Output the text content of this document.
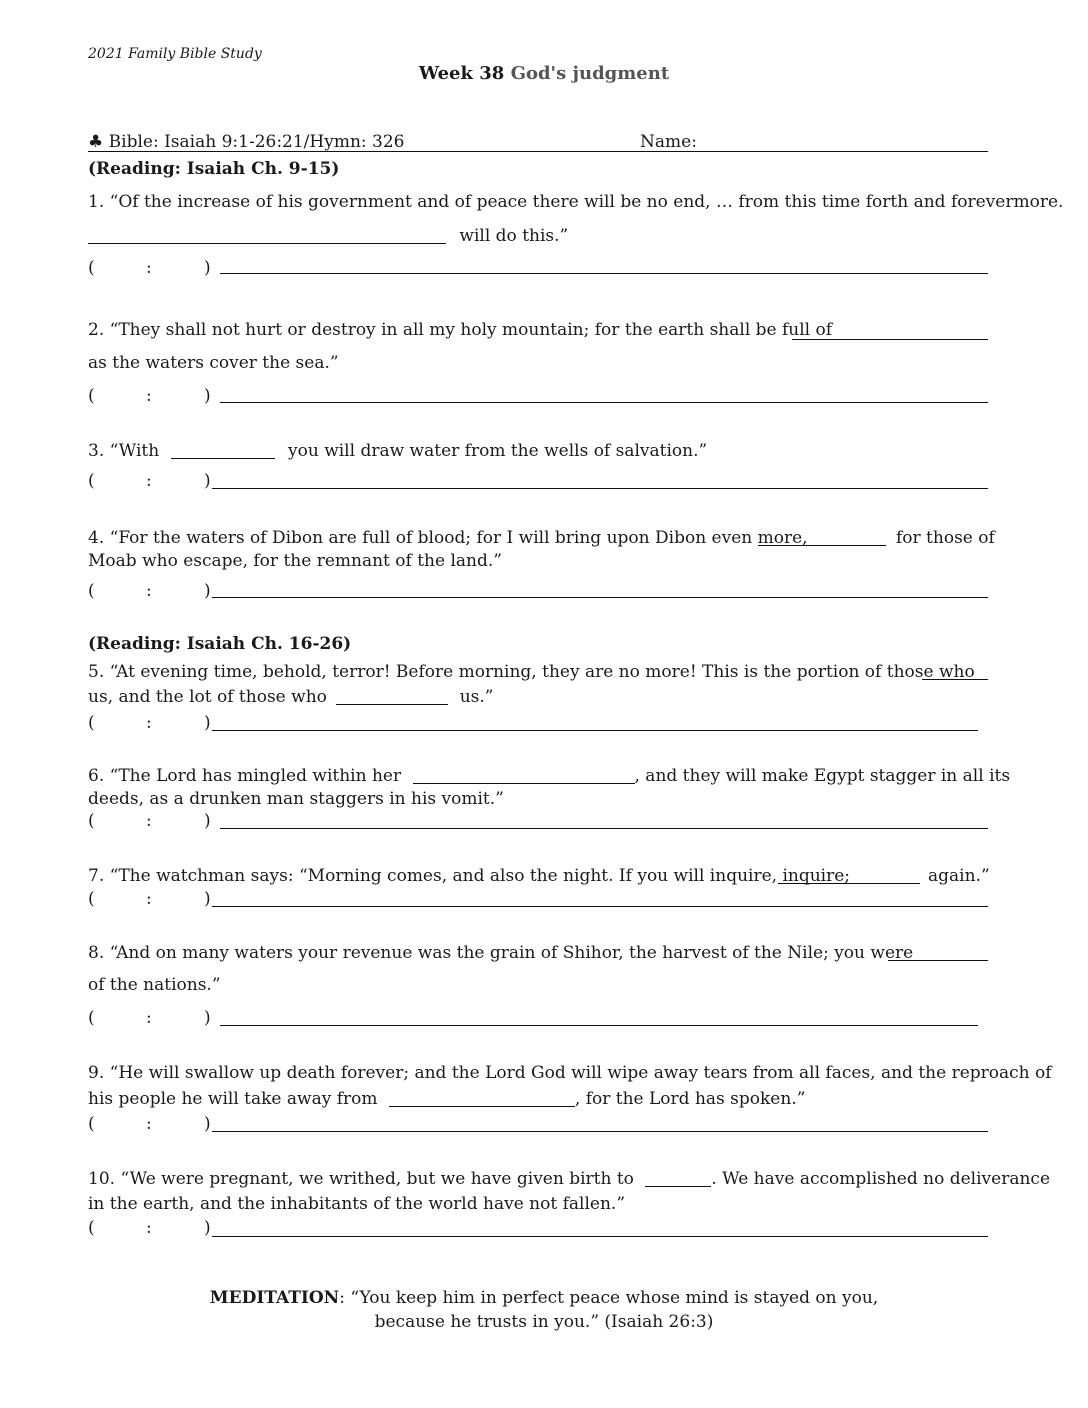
2021 Family Bible Study
Week 38 God's judgment
♣ Bible: Isaiah 9:1-26:21/Hymn: 326	Name:
(Reading: Isaiah Ch. 9-15)
1. “Of the increase of his government and of peace there will be no end, … from this time forth and forevermore.
will do this.”
(	:	)
2. “They shall not hurt or destroy in all my holy mountain; for the earth shall be full of
as the waters cover the sea.”
(	:	)
3. “With	you will draw water from the wells of salvation.”
(	:	)
4. “For the waters of Dibon are full of blood; for I will bring upon Dibon even more,	for those of
Moab who escape, for the remnant of the land.”
(	:	)
(Reading: Isaiah Ch. 16-26)
5. “At evening time, behold, terror! Before morning, they are no more! This is the portion of those who
us, and the lot of those who	us.”
(	:	)
6. “The Lord has mingled within her	, and they will make Egypt stagger in all its
deeds, as a drunken man staggers in his vomit.”
(	:	)
7. “The watchman says: “Morning comes, and also the night. If you will inquire, inquire;	again.”
(	:	)
8. “And on many waters your revenue was the grain of Shihor, the harvest of the Nile; you were
of the nations.”
(	:	)
9. “He will swallow up death forever; and the Lord God will wipe away tears from all faces, and the reproach of
his people he will take away from	, for the Lord has spoken.”
(	:	)
10. “We were pregnant, we writhed, but we have given birth to	. We have accomplished no deliverance
in the earth, and the inhabitants of the world have not fallen.”
(	:	)
MEDITATION: “You keep him in perfect peace whose mind is stayed on you,
because he trusts in you.” (Isaiah 26:3)
